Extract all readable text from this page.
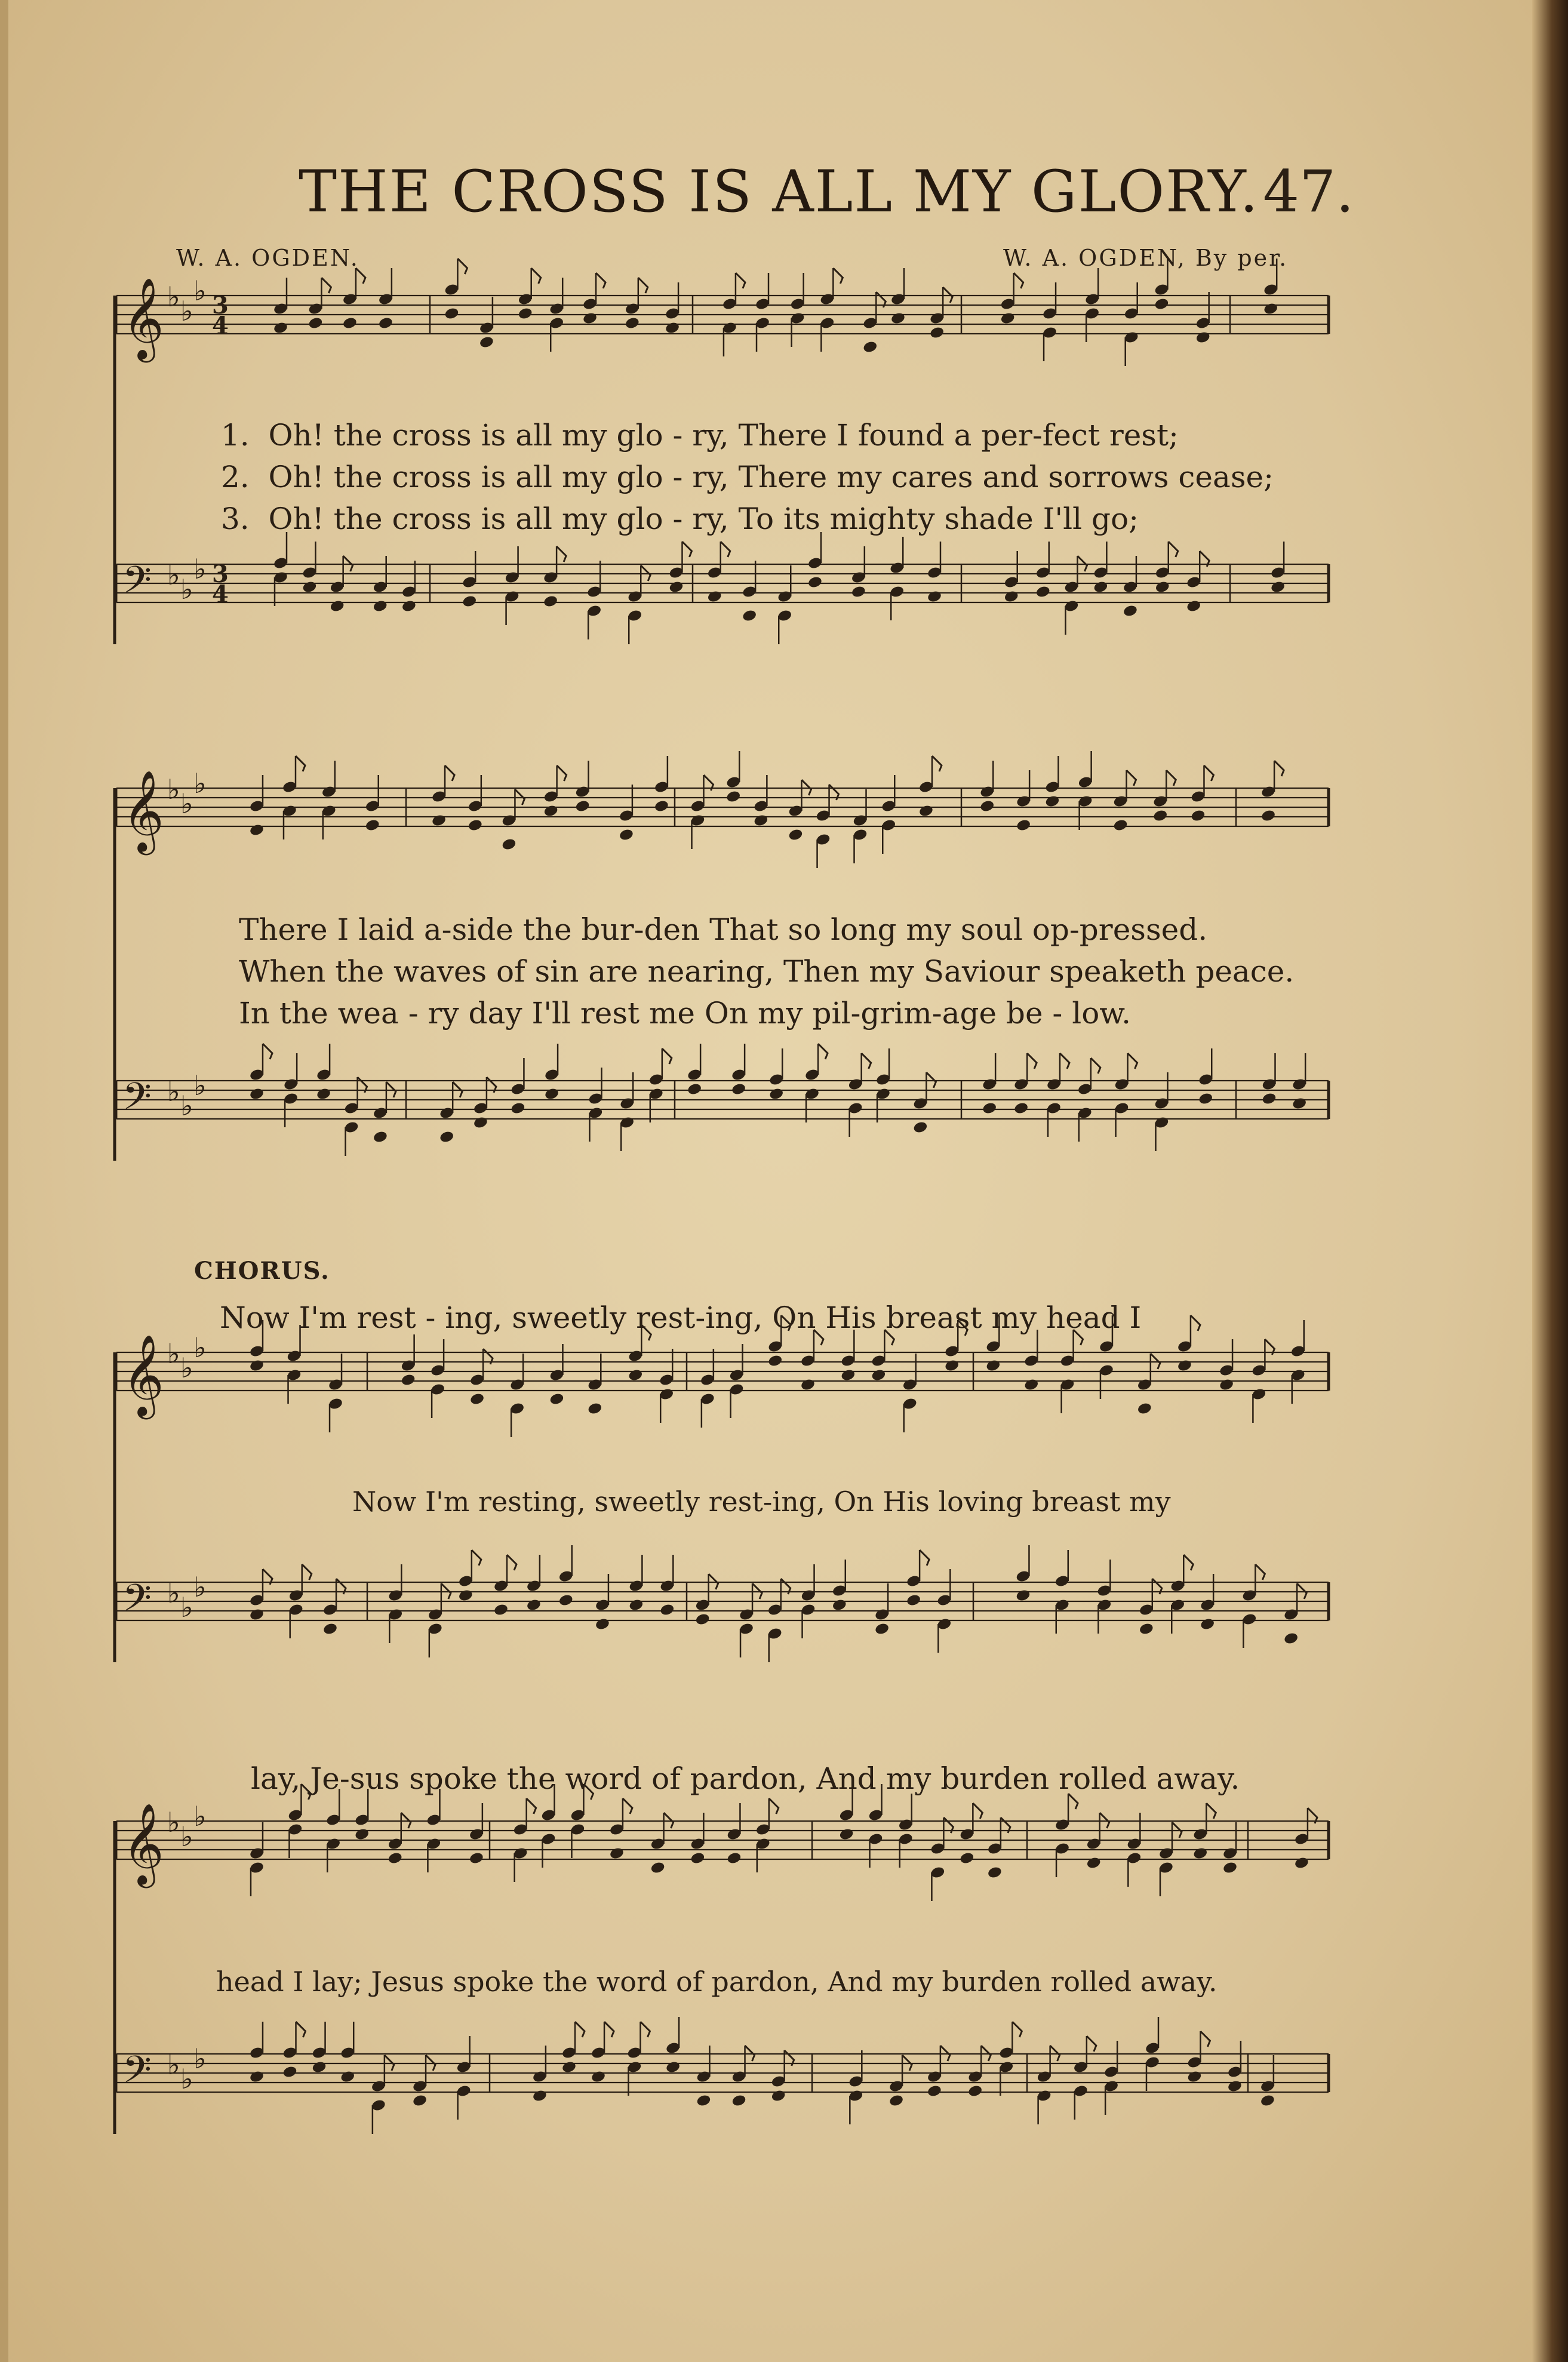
THE CROSS IS ALL MY GLORY. 47.
W. A. OGDEN.	W. A. OGDEN, By per.
𝄞 ♭ ♭
♭ 3
4
𝄢 ♭ ♭
♭ 3
4
𝄞 ♭ ♭
♭
𝄢 ♭ ♭
♭
𝄞 ♭ ♭
♭
𝄢 ♭ ♭
♭
𝄞 ♭ ♭
♭
𝄢 ♭ ♭
♭
1. Oh! the cross is all my glo - ry, There I found a per-fect rest;
2. Oh! the cross is all my glo - ry, There my cares and sorrows cease;
3. Oh! the cross is all my glo - ry, To its mighty shade I'll go;
There I laid a-side the bur-den That so long my soul op-pressed.
When the waves of sin are nearing, Then my Saviour speaketh peace.
In the wea - ry day I'll rest me On my pil-grim-age be - low.
CHORUS.
Now I'm rest - ing, sweetly rest-ing, On His breast my head I
Now I'm resting, sweetly rest-ing, On His loving breast my
lay, Je-sus spoke the word of pardon, And my burden rolled away.
head I lay; Jesus spoke the word of pardon, And my burden rolled away.
